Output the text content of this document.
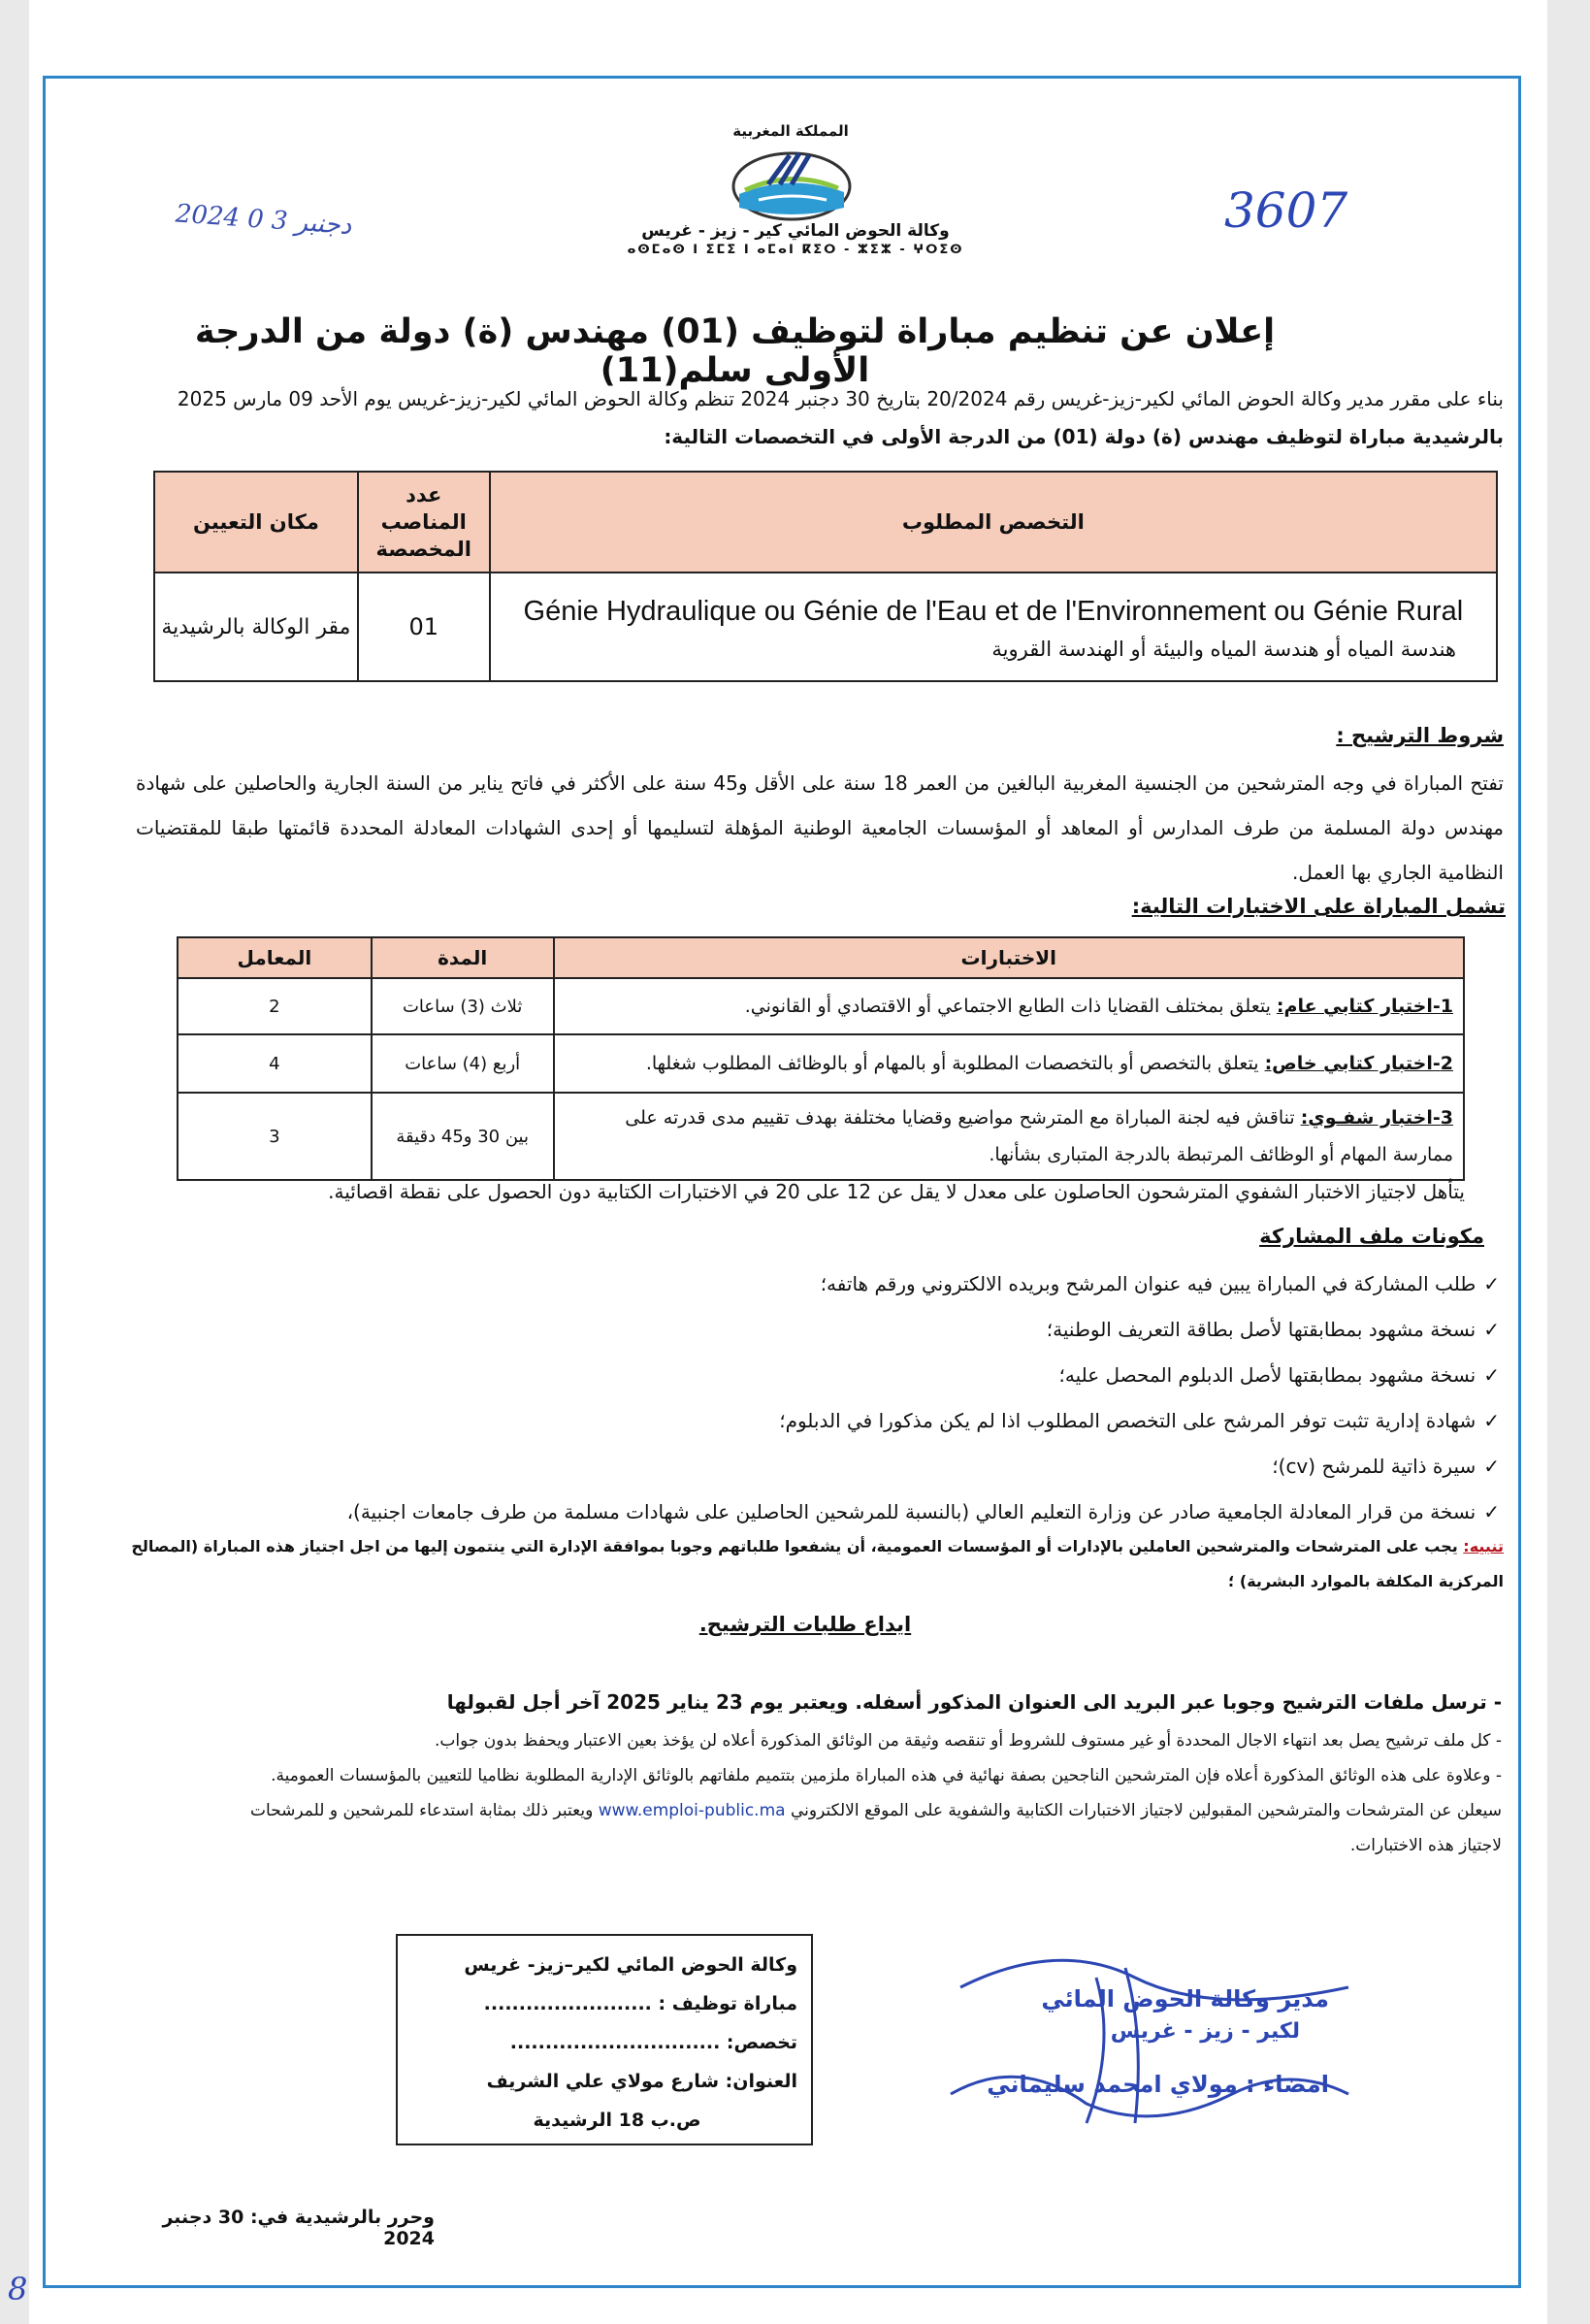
المملكة المغربية
وكالة الحوض المائي كير - زيز - غريس
ⴰⵙⵎⴰⵙ ⵏ ⵉⵎⵉ ⵏ ⴰⵎⴰⵏ ⴽⵉⵔ - ⵣⵉⵣ - ⵖⵔⵉⵙ
2024 دجنبر 3 0	3607
إعلان عن تنظيم مباراة لتوظيف (01) مهندس (ة) دولة من الدرجة الأولى سلم(11)
بناء على مقرر مدير وكالة الحوض المائي لكير-زيز-غريس رقم 20/2024 بتاريخ 30 دجنبر 2024 تنظم وكالة الحوض المائي لكير-زيز-غريس يوم الأحد 09 مارس 2025
بالرشيدية مباراة لتوظيف مهندس (ة) دولة (01) من الدرجة الأولى في التخصصات التالية:
التخصص المطلوب	عدد المناصب المخصصة	مكان التعيين

Génie Hydraulique ou Génie de l'Eau et de l'Environnement ou Génie Rural
هندسة المياه أو هندسة المياه والبيئة أو الهندسة القروية	01	مقر الوكالة بالرشيدية
شروط الترشيح :
تفتح المباراة في وجه المترشحين من الجنسية المغربية البالغين من العمر 18 سنة على الأقل و45 سنة على الأكثر في فاتح يناير من السنة الجارية والحاصلين على شهادة مهندس دولة المسلمة من طرف المدارس أو المعاهد أو المؤسسات الجامعية الوطنية المؤهلة لتسليمها أو إحدى الشهادات المعادلة المحددة قائمتها طبقا للمقتضيات النظامية الجاري بها العمل.
تشمل المباراة على الاختبارات التالية:
الاختبارات	المدة	المعامل
1-اختبار كتابي عام: يتعلق بمختلف القضايا ذات الطابع الاجتماعي أو الاقتصادي أو القانوني.	ثلاث (3) ساعات	2
2-اختبار كتابي خاص: يتعلق بالتخصص أو بالتخصصات المطلوبة أو بالمهام أو بالوظائف المطلوب شغلها.	أربع (4) ساعات	4
3-اختبار شفـوي: تناقش فيه لجنة المباراة مع المترشح مواضيع وقضايا مختلفة بهدف تقييم مدى قدرته على ممارسة المهام أو الوظائف المرتبطة بالدرجة المتبارى بشأنها.	بين 30 و45 دقيقة	3
يتأهل لاجتياز الاختبار الشفوي المترشحون الحاصلون على معدل لا يقل عن 12 على 20 في الاختبارات الكتابية دون الحصول على نقطة اقصائية.
مكونات ملف المشاركة
✓طلب المشاركة في المباراة يبين فيه عنوان المرشح وبريده الالكتروني ورقم هاتفه؛
✓نسخة مشهود بمطابقتها لأصل بطاقة التعريف الوطنية؛
✓نسخة مشهود بمطابقتها لأصل الدبلوم المحصل عليه؛
✓شهادة إدارية تثبت توفر المرشح على التخصص المطلوب اذا لم يكن مذكورا في الدبلوم؛
✓سيرة ذاتية للمرشح (cv)؛
✓نسخة من قرار المعادلة الجامعية صادر عن وزارة التعليم العالي (بالنسبة للمرشحين الحاصلين على شهادات مسلمة من طرف جامعات اجنبية)،
تنبيه: يجب على المترشحات والمترشحين العاملين بالإدارات أو المؤسسات العمومية، أن يشفعوا طلباتهم وجوبا بموافقة الإدارة التي ينتمون إليها من اجل اجتياز هذه المباراة (المصالح المركزية المكلفة بالموارد البشرية) ؛
ايداع طلبات الترشيح.
- ترسل ملفات الترشيح وجوبا عبر البريد الى العنوان المذكور أسفله. ويعتبر يوم 23 يناير 2025 آخر أجل لقبولها
- كل ملف ترشيح يصل بعد انتهاء الاجال المحددة أو غير مستوف للشروط أو تنقصه وثيقة من الوثائق المذكورة أعلاه لن يؤخذ بعين الاعتبار ويحفظ بدون جواب.
- وعلاوة على هذه الوثائق المذكورة أعلاه فإن المترشحين الناجحين بصفة نهائية في هذه المباراة ملزمين بتتميم ملفاتهم بالوثائق الإدارية المطلوبة نظاميا للتعيين بالمؤسسات العمومية.
سيعلن عن المترشحات والمترشحين المقبولين لاجتياز الاختبارات الكتابية والشفوية على الموقع الالكتروني www.emploi-public.ma ويعتبر ذلك بمثابة استدعاء للمرشحين و للمرشحات
لاجتياز هذه الاختبارات.
وكالة الحوض المائي لكير–زيز- غريس
مباراة توظيف : ........................
تخصص: ..............................
العنوان: شارع مولاي علي الشريف
ص.ب 18 الرشيدية
مدير وكالة الحوض المائي
لكير - زيز - غريس
امضاء : مولاي امحمد سليماني
وحرر بالرشيدية في: 30 دجنبر 2024
8
